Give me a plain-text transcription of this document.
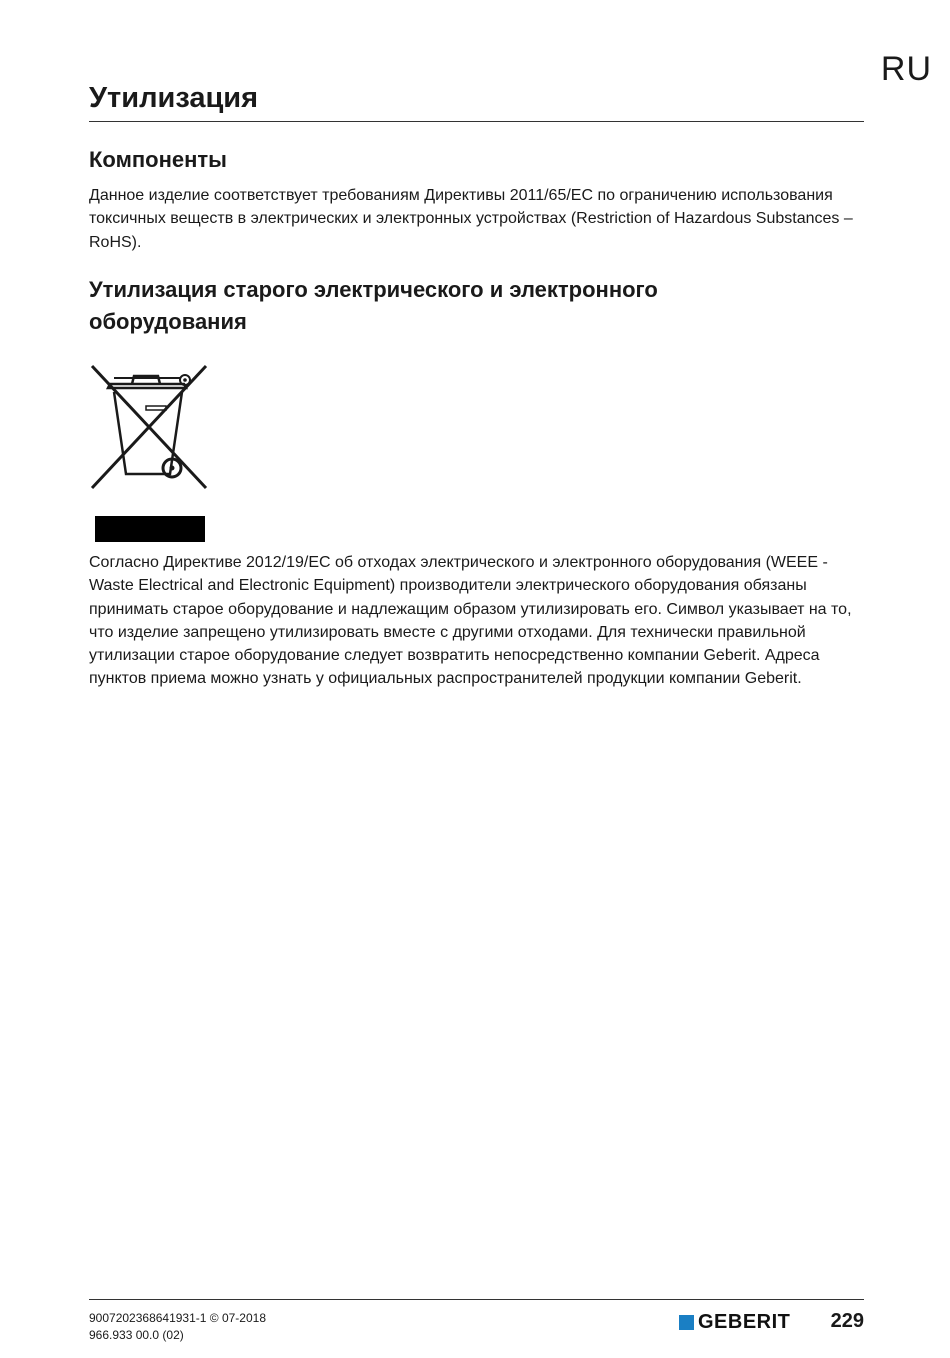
RU
Утилизация
Компоненты

Данное изделие соответствует требованиям Директивы 2011/65/EC по ограничению использования токсичных веществ в электрических и электронных устройствах (Restriction of Hazardous Substances – RoHS).

Утилизация старого электрического и электронного оборудования

Согласно Директиве 2012/19/EC об отходах электрического и электронного оборудования (WEEE - Waste Electrical and Electronic Equipment) производители электрического оборудования обязаны принимать старое оборудование и надлежащим образом утилизировать его. Символ указывает на то, что изделие запрещено утилизировать вместе с другими отходами. Для технически правильной утилизации старое оборудование следует возвратить непосредственно компании Geberit. Адреса пунктов приема можно узнать у официальных распространителей продукции компании Geberit.

9007202368641931-1 © 07-2018
966.933 00.0 (02)
GEBERIT 229
